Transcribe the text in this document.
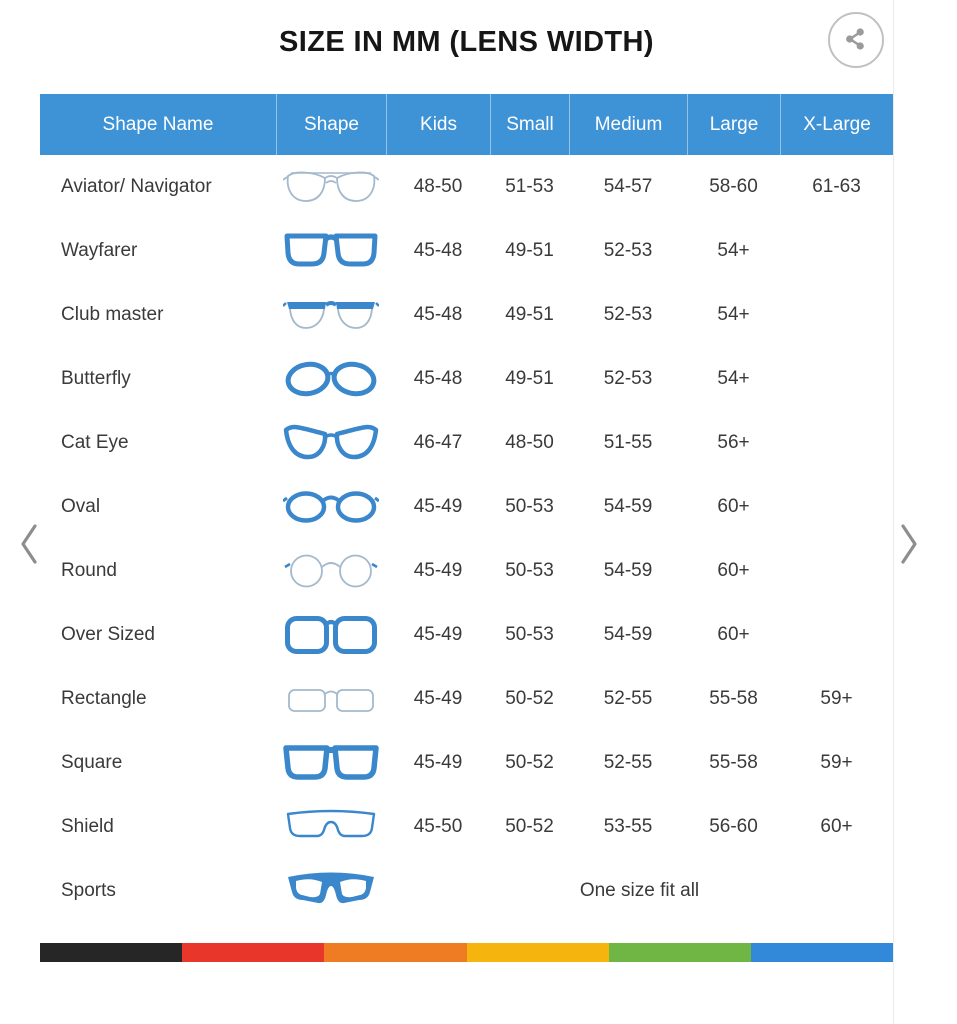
SIZE IN MM (LENS WIDTH)
Shape Name	Shape	Kids	Small	Medium	Large	X-Large
Aviator/ Navigator	48-50	51-53	54-57	58-60	61-63
Wayfarer	45-48	49-51	52-53	54+
Club master	45-48	49-51	52-53	54+
Butterfly	45-48	49-51	52-53	54+
Cat Eye	46-47	48-50	51-55	56+
Oval	45-49	50-53	54-59	60+
Round	45-49	50-53	54-59	60+
Over Sized	45-49	50-53	54-59	60+
Rectangle	45-49	50-52	52-55	55-58	59+
Square	45-49	50-52	52-55	55-58	59+
Shield	45-50	50-52	53-55	56-60	60+
Sports	One size fit all
